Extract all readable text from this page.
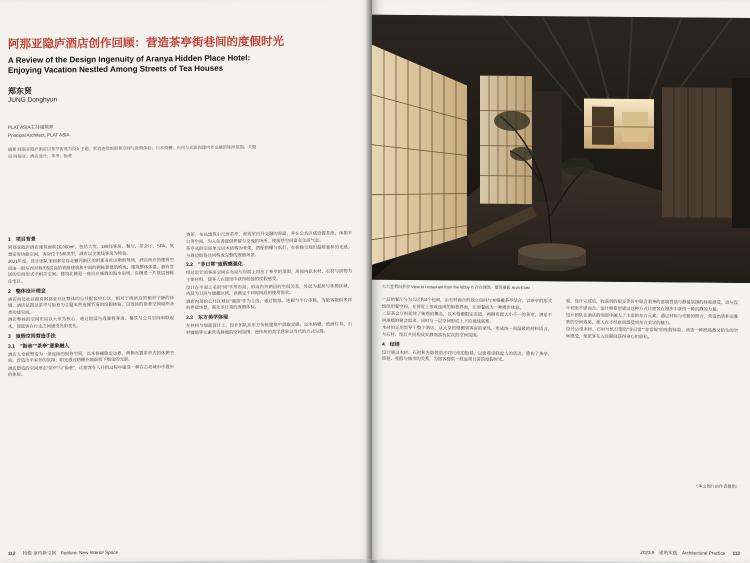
阿那亚隐庐酒店创作回顾：营造茶亭街巷间的度假时光
A Review of the Design Ingenuity of Aranya Hidden Place Hotel:
Enjoying Vacation Nestled Among Streets of Tea Houses
郑东贤
JUNG Donghyun
PLAT ASIA主持建筑师
Principal Architect, PLAT ASIA
摘要 阿那亚隐庐酒店以茶亭街巷为设计主题，营造连续的街巷空间与度假体验；以木格栅、石材与光影构建内外交融的场所氛围。关键词 阿那亚；酒店设计；茶亭；街巷
1　项目背景

阿那亚隐庐酒店建筑面积16,000m²，包括大堂、180间客房、餐厅、茶会厅、SPA、冥想室等功能空间，客房位于5种类型，酒店以全流线客房为特色。

2021年度，设计团队来到秦皇岛北戴河新区的阿那亚社区勘察现场，酒店所在的建筑空间由一组东西对称的5层高的铁路建筑和中间的两栋新建筑构成，建筑整体体量，拥有宜居的空间形式不相关空间。建筑北侧是一座近在城墙的海水浴场，东侧是一片低层独栋住宅区。

2　整体设计理念

酒店所处社区拥有阿那亚社区整体的公共配套中心区，相对于海滨边的相对宁静的环境，酒店试图以茶亭与街巷为主题来营造慢节奏的度假体验，以连续的街巷空间组织各类功能空间。

酒店整体的空间布局以大堂为核心，通过院落与连廊将客房、餐饮与公共空间串联起来，使旅客在行走之间感受光影变化。

3　度假空间营造手法
3.1　"街巷""茶亭"意象融入

酒店大堂被塑造为一条连续的街巷空间，以木格栅限定边界，两侧布置茶亭式的休憩空间，营造出半室外的氛围；阳光透过格栅在地面投下细密的光影。

酒店塑造的空间形态"茶亭"与"街巷"，让旅客在入住的过程中感受一种在古老城市中漫步的体验。

香茶，布局建筑小尺度茶亭，营造室内外交融的界面，并在公共区域设置茶座、休憩平台等空间，为入住者提供停留与交流的场所，使街巷空间富有生活气息。

茶亭式的空间单元以木结构为骨架，搭配格栅与纸灯，在夜晚呈现出温暖柔和的光感，与周边街巷共同构成完整的度假场景。

3.2　"非日常"度假感强化

经过设计的客房空间在布局与材质上回应了茶亭的氛围，房间内以木材、石材与织物为主要材料，使客人在使用中获得松弛的度假感受。

设计在平面上采用"回"字形布局，形成内外两层的空间关系，外层为起居与休憩区域，内层为卫浴与储藏区域，以满足不同时间段的使用需求。

酒店内部的公共区域以"漫游"作为主线，通过院落、连廊与平台串联，为旅客提供多样的停留场景，强化非日常的度假体验。

3.3　东方美学体现

在材料与细部设计上，设计团队从东方传统建筑中汲取灵感，以木格栅、纸面灯具、石材铺地等元素营造静谧的空间氛围，使传统的美学意象以当代的方式呈现。

112 特辑 室内新空间　Feature: New Interior Space
大大堂看向茶亭 View to restaurant from the lobby © 存在建筑 · 建筑摄影 Arch-Exist

一层的餐厅分为公区和4个包间，由石材砌合的独立包间与木格栅茶亭结合，以茶亭的形式组织用餐空间，在视觉上形成连续的街巷界面，让用餐成为一种漫步体验。

二层茶会厅则延续了街巷的概念，以木格栅限定走道，两侧布置大小不一的茶室，满足不同规模的聚会需求，同时与一层空间形成上下的视线联系。

木材的运用贯穿于整个酒店，从大堂的格栅到客房的家具，形成统一而温暖的材料语言，与石材、纸灯共同构成安静而富有层次的空间氛围。

4　结语

设计通过木材、石材和光影营造不同尺度的街巷，以街巷串联起人的活动，重构了茶亭、街巷、度假与城市的关系，为旅客提供一段远离日常的度假时光。

验，设计完成后，收获到的很多评价中隐含着茶的意境营造与静谧氛围的体验感受，这与设计初衷不谋而合。设计师希望通过这种方式让旅客在漫步中获得一种沉静的力量。

设计团队在酒店的细部中融入了丰富的东方元素，通过材料与光影的组合，营造出质朴而雅致的空间效果，使人在不经意间感受到东方美学的魅力。

设计运用木材、石材与纸灯塑造"非日常""非常规"的度假体验，营造一种既熟悉又陌生的空间感受，使旅客在入住期间获得身心的放松。

（本文图片由作者提供）
2023.9　建筑实践　Architectural Practice 113
